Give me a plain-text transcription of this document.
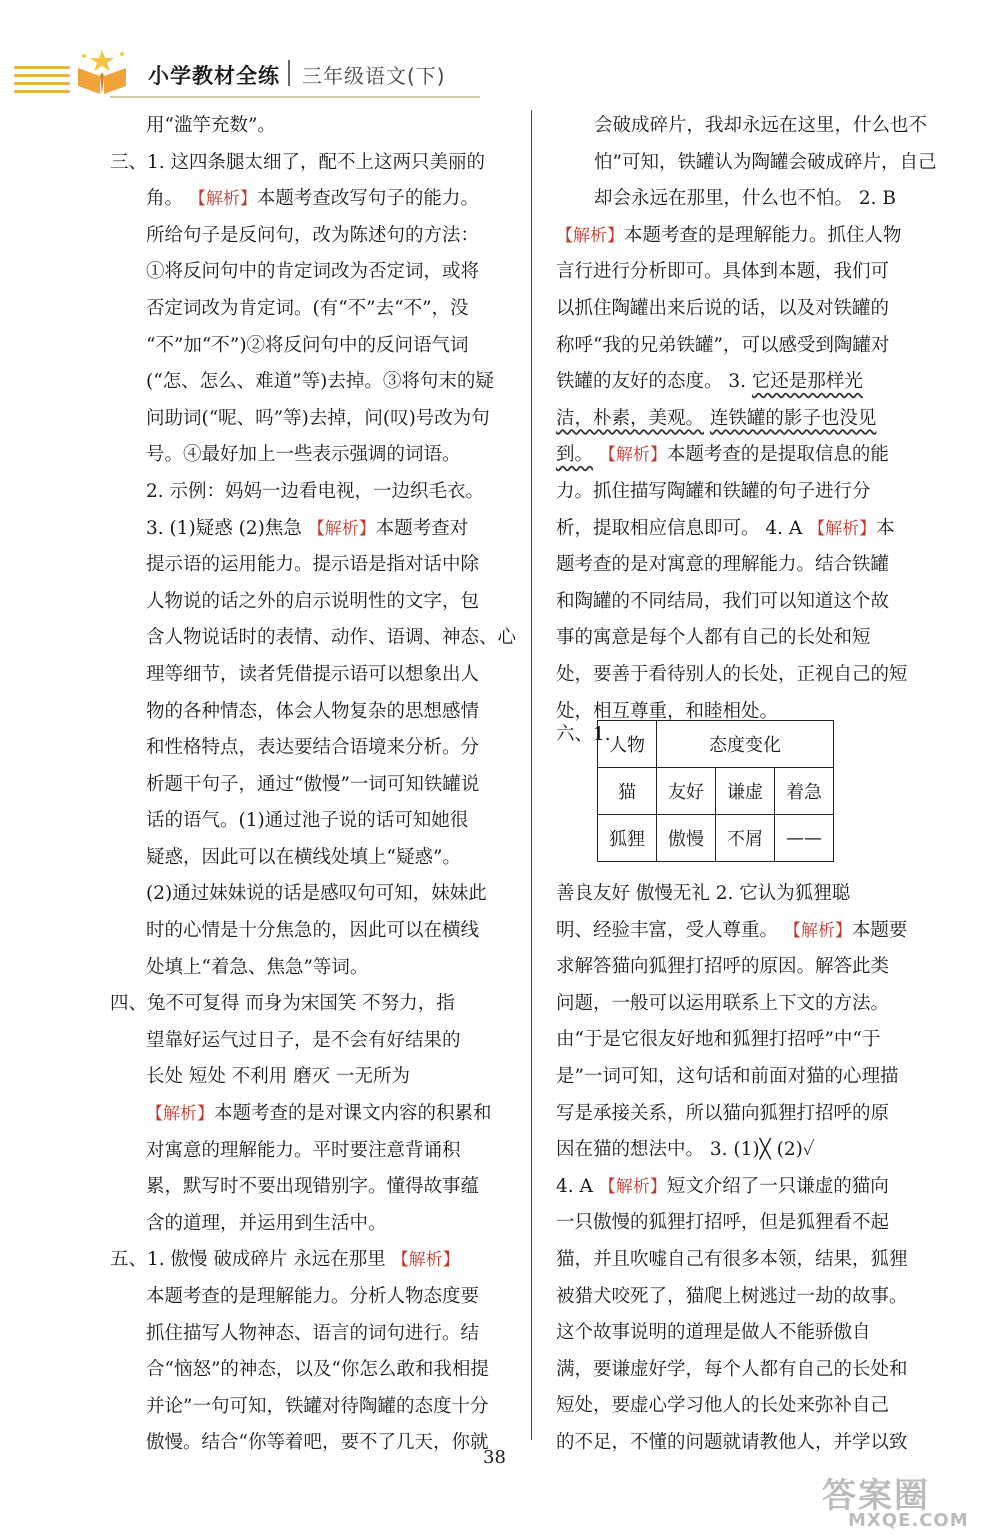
小学教材全练 三年级语文(下)
用“滥竽充数”。
三、1. 这四条腿太细了，配不上这两只美丽的
角。 【解析】本题考查改写句子的能力。
所给句子是反问句，改为陈述句的方法：
①将反问句中的肯定词改为否定词，或将
否定词改为肯定词。(有“不”去“不”，没
“不”加“不”)②将反问句中的反问语气词
(“怎、怎么、难道”等)去掉。③将句末的疑
问助词(“呢、吗”等)去掉，问(叹)号改为句
号。④最好加上一些表示强调的词语。
2. 示例：妈妈一边看电视，一边织毛衣。
3. (1)疑惑 (2)焦急 【解析】本题考查对
提示语的运用能力。提示语是指对话中除
人物说的话之外的启示说明性的文字，包
含人物说话时的表情、动作、语调、神态、心
理等细节，读者凭借提示语可以想象出人
物的各种情态，体会人物复杂的思想感情
和性格特点，表达要结合语境来分析。分
析题干句子，通过“傲慢”一词可知铁罐说
话的语气。(1)通过池子说的话可知她很
疑惑，因此可以在横线处填上“疑惑”。
(2)通过妹妹说的话是感叹句可知，妹妹此
时的心情是十分焦急的，因此可以在横线
处填上“着急、焦急”等词。
四、兔不可复得 而身为宋国笑 不努力，指
望靠好运气过日子，是不会有好结果的
长处 短处 不利用 磨灭 一无所为
【解析】本题考查的是对课文内容的积累和
对寓意的理解能力。平时要注意背诵积
累，默写时不要出现错别字。懂得故事蕴
含的道理，并运用到生活中。
五、1. 傲慢 破成碎片 永远在那里 【解析】
本题考查的是理解能力。分析人物态度要
抓住描写人物神态、语言的词句进行。结
合“恼怒”的神态，以及“你怎么敢和我相提
并论”一句可知，铁罐对待陶罐的态度十分
傲慢。结合“你等着吧，要不了几天，你就
会破成碎片，我却永远在这里，什么也不
怕”可知，铁罐认为陶罐会破成碎片，自己
却会永远在那里，什么也不怕。 2. B
【解析】本题考查的是理解能力。抓住人物
言行进行分析即可。具体到本题，我们可
以抓住陶罐出来后说的话，以及对铁罐的
称呼“我的兄弟铁罐”，可以感受到陶罐对
铁罐的友好的态度。 3. 它还是那样光
洁，朴素，美观。 连铁罐的影子也没见
到。 【解析】本题考查的是提取信息的能
力。抓住描写陶罐和铁罐的句子进行分
析，提取相应信息即可。 4. A 【解析】本
题考查的是对寓意的理解能力。结合铁罐
和陶罐的不同结局，我们可以知道这个故
事的寓意是每个人都有自己的长处和短
处，要善于看待别人的长处，正视自己的短
处，相互尊重，和睦相处。
六、1.
人物	态度变化		
猫	友好	谦虚	着急
狐狸	傲慢	不屑	——
善良友好 傲慢无礼 2. 它认为狐狸聪
明、经验丰富，受人尊重。 【解析】本题要
求解答猫向狐狸打招呼的原因。解答此类
问题，一般可以运用联系上下文的方法。
由“于是它很友好地和狐狸打招呼”中“于
是”一词可知，这句话和前面对猫的心理描
写是承接关系，所以猫向狐狸打招呼的原
因在猫的想法中。 3. (1)╳ (2)✓
4. A 【解析】短文介绍了一只谦虚的猫向
一只傲慢的狐狸打招呼，但是狐狸看不起
猫，并且吹嘘自己有很多本领，结果，狐狸
被猎犬咬死了，猫爬上树逃过一劫的故事。
这个故事说明的道理是做人不能骄傲自
满，要谦虚好学，每个人都有自己的长处和
短处，要虚心学习他人的长处来弥补自己
的不足，不懂的问题就请教他人，并学以致
38
答案圈
MXQE.COM
